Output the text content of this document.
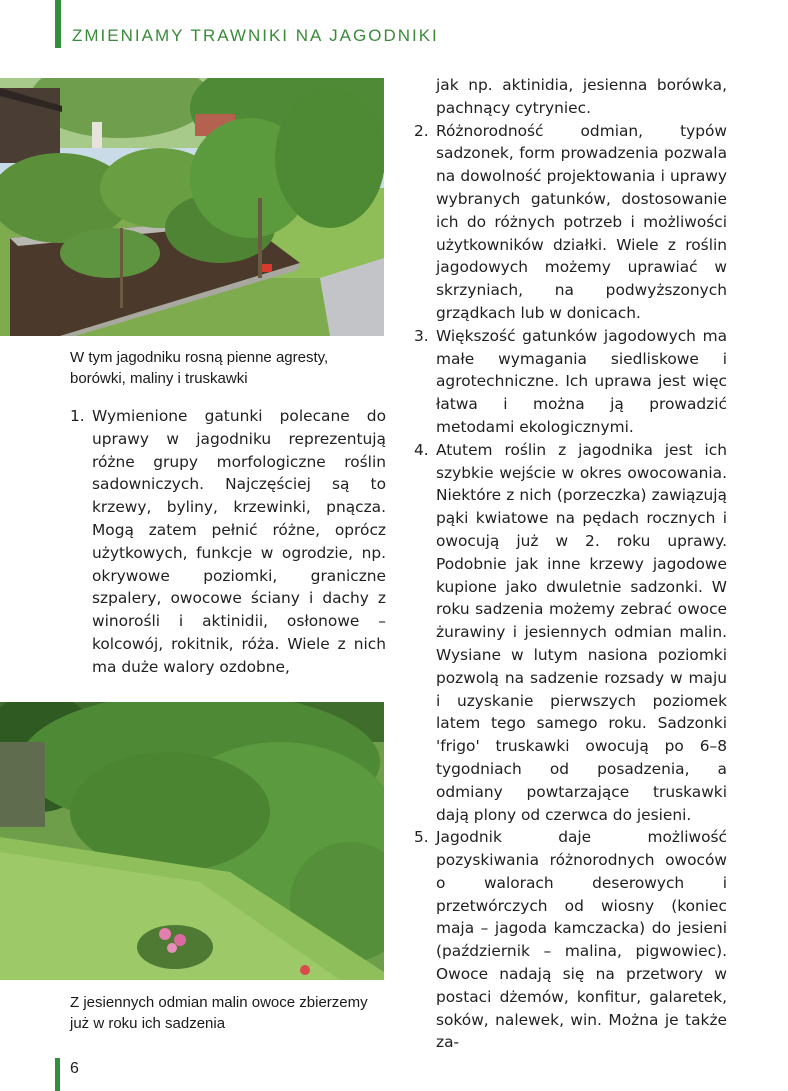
ZMIENIAMY TRAWNIKI NA JAGODNIKI

W tym jagodniku rosną pienne agresty, borówki, maliny i truskawki

1. Wymienione gatunki polecane do uprawy w jagodniku reprezentują różne grupy morfologiczne roślin sadowniczych. Najczęściej są to krzewy, byliny, krzewinki, pnącza. Mogą zatem pełnić różne, oprócz użytkowych, funkcje w ogrodzie, np. okrywowe poziomki, graniczne szpalery, owocowe ściany i dachy z winorośli i aktinidii, osłonowe – kolcowój, rokitnik, róża. Wiele z nich ma duże walory ozdobne,

Z jesiennych odmian malin owoce zbierzemy już w roku ich sadzenia

jak np. aktinidia, jesienna borówka, pachnący cytryniec.
2. Różnorodność odmian, typów sadzonek, form prowadzenia pozwala na dowolność projektowania i uprawy wybranych gatunków, dostosowanie ich do różnych potrzeb i możliwości użytkowników działki. Wiele z roślin jagodowych możemy uprawiać w skrzyniach, na podwyższonych grządkach lub w donicach.
3. Większość gatunków jagodowych ma małe wymagania siedliskowe i agrotechniczne. Ich uprawa jest więc łatwa i można ją prowadzić metodami ekologicznymi.
4. Atutem roślin z jagodnika jest ich szybkie wejście w okres owocowania. Niektóre z nich (porzeczka) zawiązują pąki kwiatowe na pędach rocznych i owocują już w 2. roku uprawy. Podobnie jak inne krzewy jagodowe kupione jako dwuletnie sadzonki. W roku sadzenia możemy zebrać owoce żurawiny i jesiennych odmian malin. Wysiane w lutym nasiona poziomki pozwolą na sadzenie rozsady w maju i uzyskanie pierwszych poziomek latem tego samego roku. Sadzonki 'frigo' truskawki owocują po 6–8 tygodniach od posadzenia, a odmiany powtarzające truskawki dają plony od czerwca do jesieni.
5. Jagodnik daje możliwość pozyskiwania różnorodnych owoców o walorach deserowych i przetwórczych od wiosny (koniec maja – jagoda kamczacka) do jesieni (październik – malina, pigwowiec). Owoce nadają się na przetwory w postaci dżemów, konfitur, galaretek, soków, nalewek, win. Można je także za-
6
